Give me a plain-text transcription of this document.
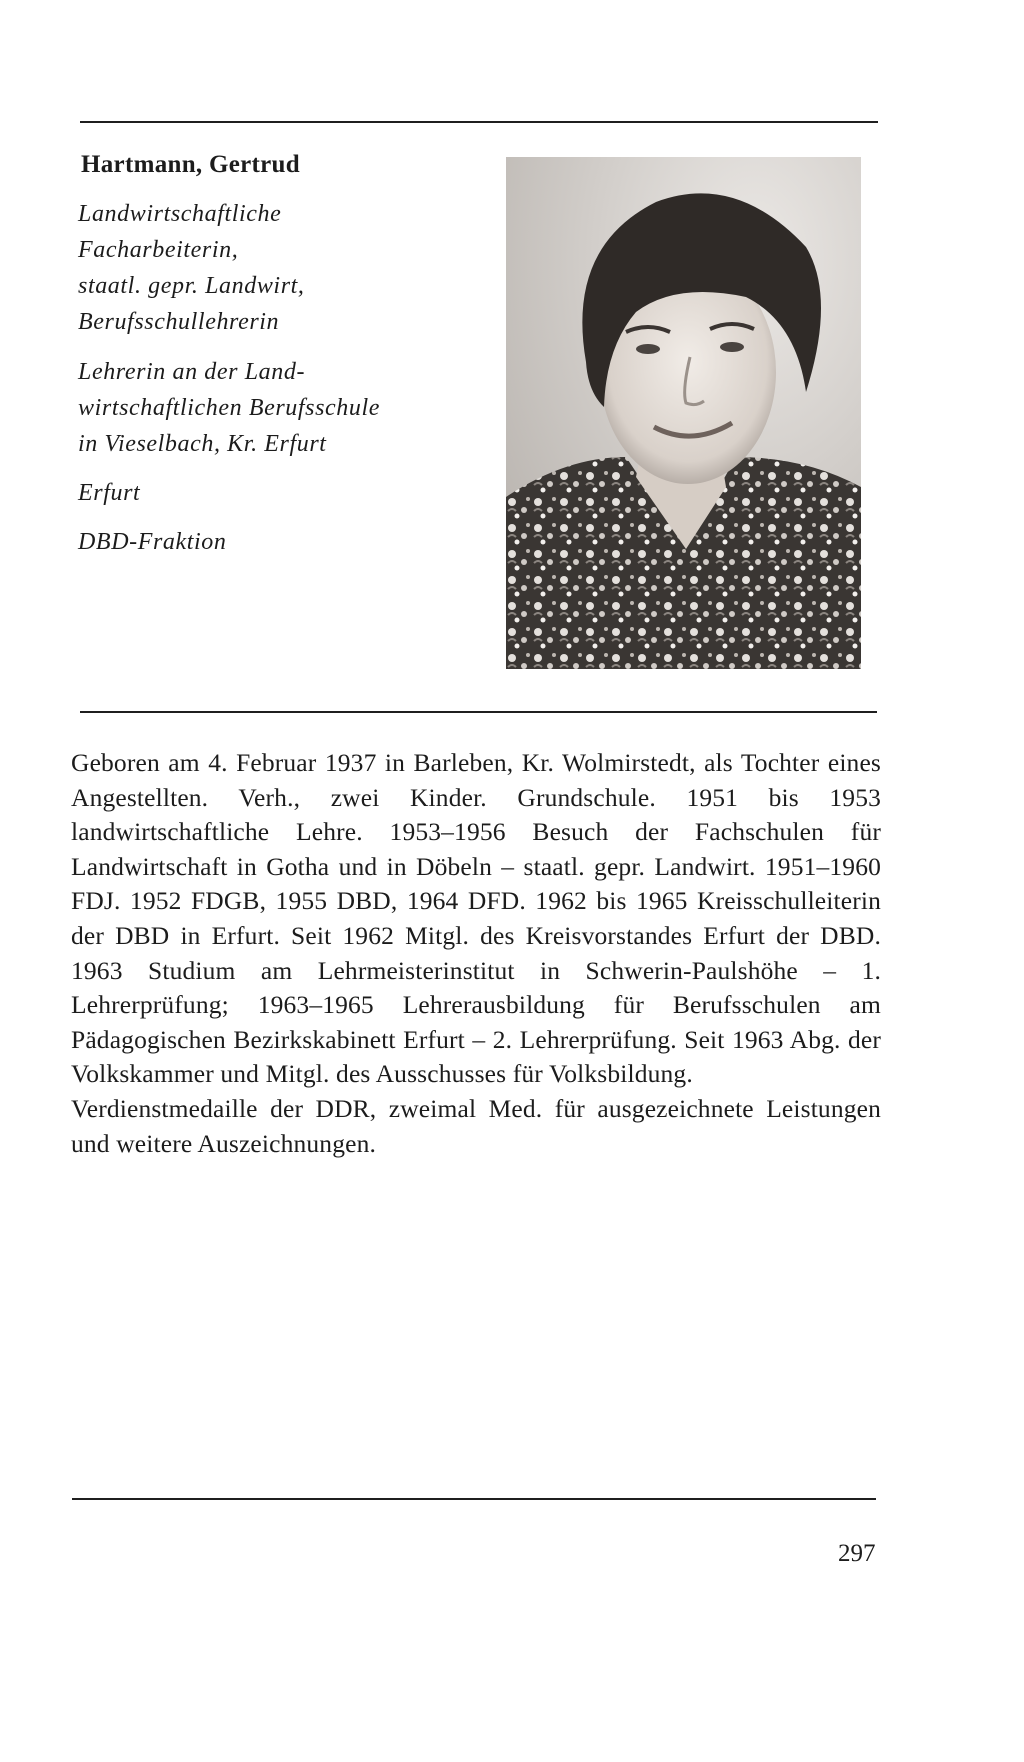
Hartmann, Gertrud
Landwirtschaftliche
Facharbeiterin,
staatl. gepr. Landwirt,
Berufsschullehrerin
Lehrerin an der Land-
wirtschaftlichen Berufsschule
in Vieselbach, Kr. Erfurt
Erfurt
DBD-Fraktion

Geboren am 4. Februar 1937 in Barleben, Kr. Wolmirstedt, als Tochter eines Angestellten. Verh., zwei Kinder. Grundschule. 1951 bis 1953 landwirtschaftliche Lehre. 1953–1956 Besuch der Fachschulen für Landwirtschaft in Gotha und in Döbeln – staatl. gepr. Landwirt. 1951–1960 FDJ. 1952 FDGB, 1955 DBD, 1964 DFD. 1962 bis 1965 Kreisschulleiterin der DBD in Erfurt. Seit 1962 Mitgl. des Kreisvorstandes Erfurt der DBD. 1963 Studium am Lehrmeisterinstitut in Schwerin-Paulshöhe – 1. Lehrerprüfung; 1963–1965 Lehrerausbildung für Berufsschulen am Pädagogischen Bezirkskabinett Erfurt – 2. Lehrerprüfung. Seit 1963 Abg. der Volkskammer und Mitgl. des Ausschusses für Volksbildung.

Verdienstmedaille der DDR, zweimal Med. für ausgezeichnete Leistungen und weitere Auszeichnungen.

297
